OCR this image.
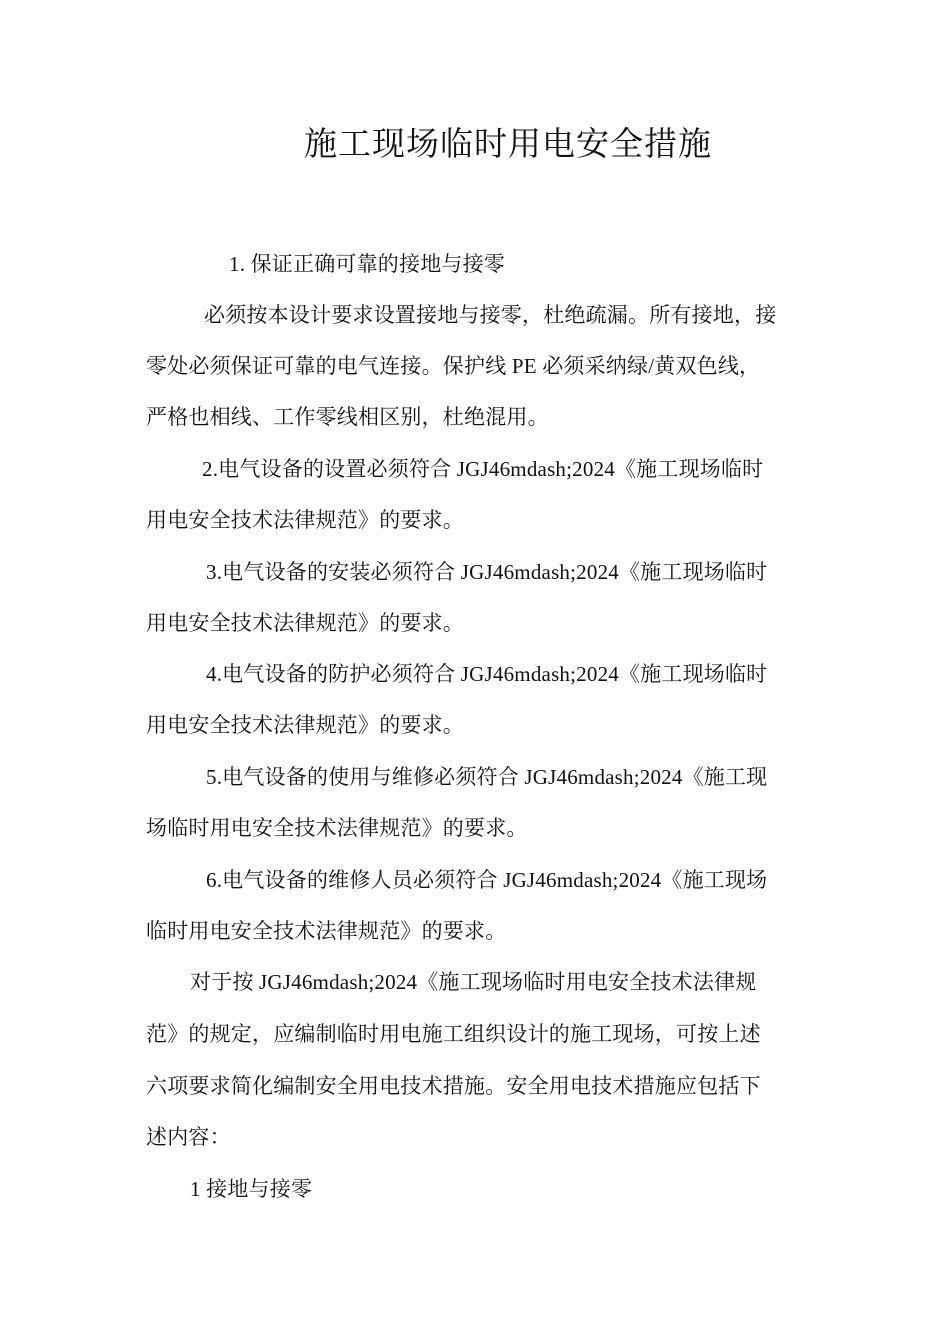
施工现场临时用电安全措施
1. 保证正确可靠的接地与接零
必须按本设计要求设置接地与接零，杜绝疏漏。所有接地，接
零处必须保证可靠的电气连接。保护线 PE 必须采纳绿/黄双色线，
严格也相线、工作零线相区别，杜绝混用。
2.电气设备的设置必须符合 JGJ46mdash;2024《施工现场临时
用电安全技术法律规范》的要求。
3.电气设备的安装必须符合 JGJ46mdash;2024《施工现场临时
用电安全技术法律规范》的要求。
4.电气设备的防护必须符合 JGJ46mdash;2024《施工现场临时
用电安全技术法律规范》的要求。
5.电气设备的使用与维修必须符合 JGJ46mdash;2024《施工现
场临时用电安全技术法律规范》的要求。
6.电气设备的维修人员必须符合 JGJ46mdash;2024《施工现场
临时用电安全技术法律规范》的要求。
对于按 JGJ46mdash;2024《施工现场临时用电安全技术法律规
范》的规定，应编制临时用电施工组织设计的施工现场，可按上述
六项要求简化编制安全用电技术措施。安全用电技术措施应包括下
述内容：
1 接地与接零
